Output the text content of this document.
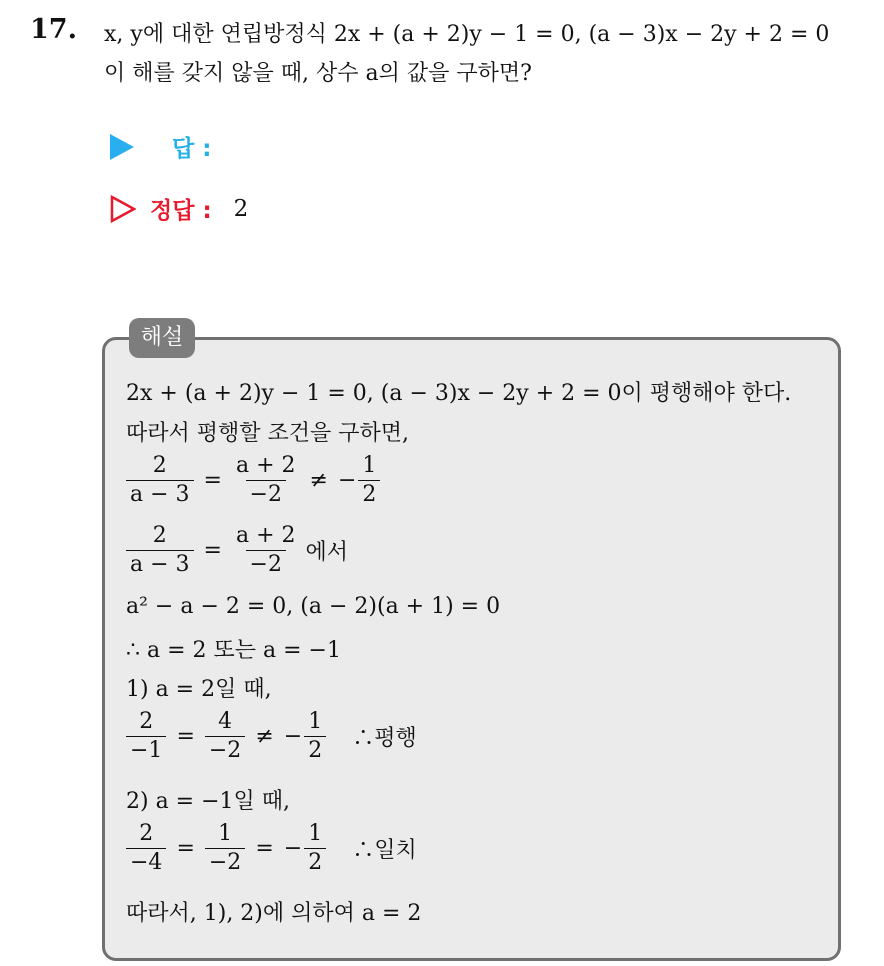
17. x, y에 대한 연립방정식 2x + (a + 2)y − 1 = 0, (a − 3)x − 2y + 2 = 0
이 해를 갖지 않을 때, 상수 a의 값을 구하면?
답 :
정답 : 2
해설
2x + (a + 2)y − 1 = 0, (a − 3)x − 2y + 2 = 0이 평행해야 한다.
따라서 평행할 조건을 구하면,
$\frac{2}{a - 3} = \frac{a + 2}{-2}$ ≠ − $\frac{1}{2}$
$\frac{2}{a - 3} = \frac{a + 2}{-2}$ 에서
a² − a − 2 = 0, (a − 2)(a + 1) = 0
∴ a = 2 또는 a = −1
1) a = 2일 때,
$\frac{2}{-1} = \frac{4}{-2}$ ≠ − $\frac{1}{2}$ ∴평행
2) a = −1일 때,
$\frac{2}{-4} = \frac{1}{-2}$ = − $\frac{1}{2}$ ∴일치
따라서, 1), 2)에 의하여 a = 2
